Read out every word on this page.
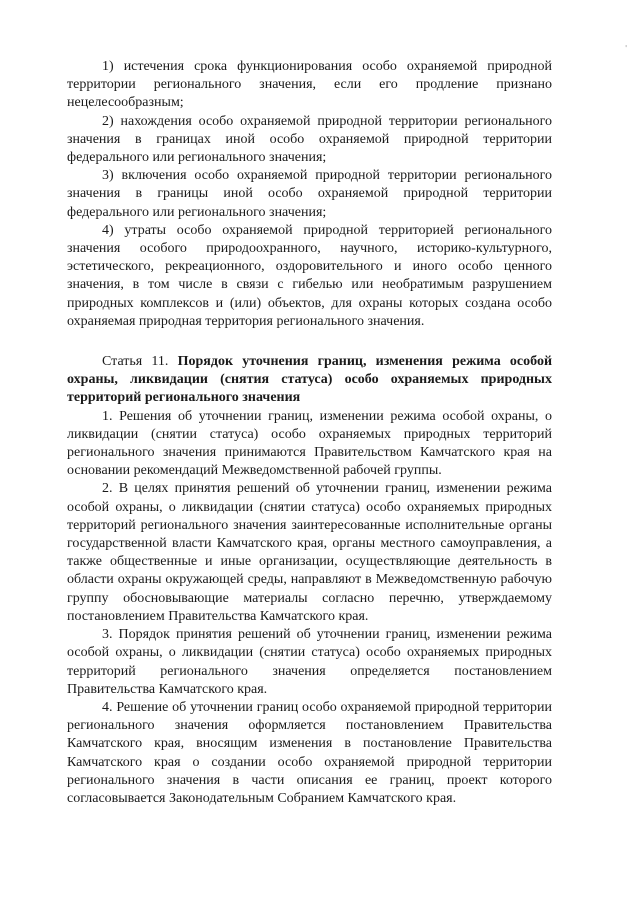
'

1) истечения срока функционирования особо охраняемой природной территории регионального значения, если его продление признано нецелесообразным;

2) нахождения особо охраняемой природной территории регионального значения в границах иной особо охраняемой природной территории федерального или регионального значения;

3) включения особо охраняемой природной территории регионального значения в границы иной особо охраняемой природной территории федерального или регионального значения;

4) утраты особо охраняемой природной территорией регионального значения особого природоохранного, научного, историко-культурного, эстетического, рекреационного, оздоровительного и иного особо ценного значения, в том числе в связи с гибелью или необратимым разрушением природных комплексов и (или) объектов, для охраны которых создана особо охраняемая природная территория регионального значения.

Статья 11. Порядок уточнения границ, изменения режима особой охраны, ликвидации (снятия статуса) особо охраняемых природных территорий регионального значения

1. Решения об уточнении границ, изменении режима особой охраны, о ликвидации (снятии статуса) особо охраняемых природных территорий регионального значения принимаются Правительством Камчатского края на основании рекомендаций Межведомственной рабочей группы.

2. В целях принятия решений об уточнении границ, изменении режима особой охраны, о ликвидации (снятии статуса) особо охраняемых природных территорий регионального значения заинтересованные исполнительные органы государственной власти Камчатского края, органы местного самоуправления, а также общественные и иные организации, осуществляющие деятельность в области охраны окружающей среды, направляют в Межведомственную рабочую группу обосновывающие материалы согласно перечню, утверждаемому постановлением Правительства Камчатского края.

3. Порядок принятия решений об уточнении границ, изменении режима особой охраны, о ликвидации (снятии статуса) особо охраняемых природных территорий регионального значения определяется постановлением Правительства Камчатского края.

4. Решение об уточнении границ особо охраняемой природной территории регионального значения оформляется постановлением Правительства Камчатского края, вносящим изменения в постановление Правительства Камчатского края о создании особо охраняемой природной территории регионального значения в части описания ее границ, проект которого согласовывается Законодательным Собранием Камчатского края.
